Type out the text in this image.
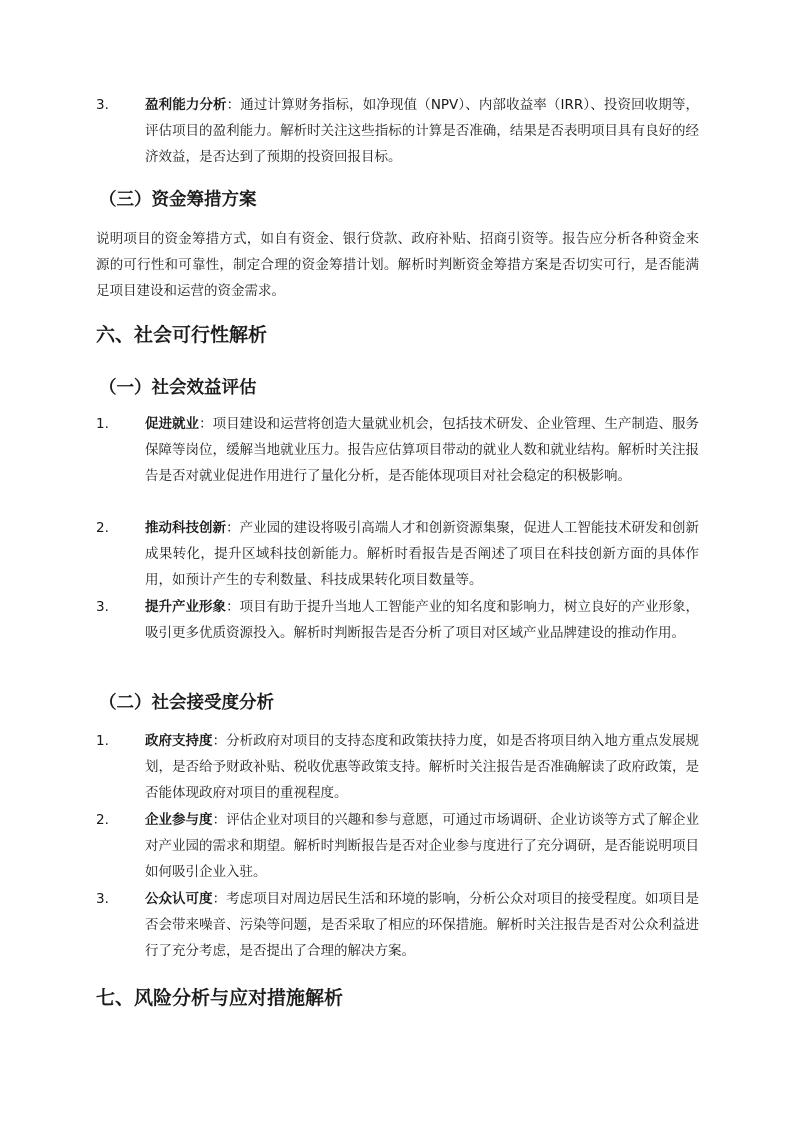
3.	盈利能力分析：通过计算财务指标，如净现值（NPV）、内部收益率（IRR）、投资回收期等，评估项目的盈利能力。解析时关注这些指标的计算是否准确，结果是否表明项目具有良好的经济效益，是否达到了预期的投资回报目标。
（三）资金筹措方案
说明项目的资金筹措方式，如自有资金、银行贷款、政府补贴、招商引资等。报告应分析各种资金来源的可行性和可靠性，制定合理的资金筹措计划。解析时判断资金筹措方案是否切实可行，是否能满足项目建设和运营的资金需求。
六、社会可行性解析
（一）社会效益评估
1.	促进就业：项目建设和运营将创造大量就业机会，包括技术研发、企业管理、生产制造、服务保障等岗位，缓解当地就业压力。报告应估算项目带动的就业人数和就业结构。解析时关注报告是否对就业促进作用进行了量化分析，是否能体现项目对社会稳定的积极影响。
2.	推动科技创新：产业园的建设将吸引高端人才和创新资源集聚，促进人工智能技术研发和创新成果转化，提升区域科技创新能力。解析时看报告是否阐述了项目在科技创新方面的具体作用，如预计产生的专利数量、科技成果转化项目数量等。
3.	提升产业形象：项目有助于提升当地人工智能产业的知名度和影响力，树立良好的产业形象，吸引更多优质资源投入。解析时判断报告是否分析了项目对区域产业品牌建设的推动作用。
（二）社会接受度分析
1.	政府支持度：分析政府对项目的支持态度和政策扶持力度，如是否将项目纳入地方重点发展规划，是否给予财政补贴、税收优惠等政策支持。解析时关注报告是否准确解读了政府政策，是否能体现政府对项目的重视程度。
2.	企业参与度：评估企业对项目的兴趣和参与意愿，可通过市场调研、企业访谈等方式了解企业对产业园的需求和期望。解析时判断报告是否对企业参与度进行了充分调研，是否能说明项目如何吸引企业入驻。
3.	公众认可度：考虑项目对周边居民生活和环境的影响，分析公众对项目的接受程度。如项目是否会带来噪音、污染等问题，是否采取了相应的环保措施。解析时关注报告是否对公众利益进行了充分考虑，是否提出了合理的解决方案。
七、风险分析与应对措施解析
